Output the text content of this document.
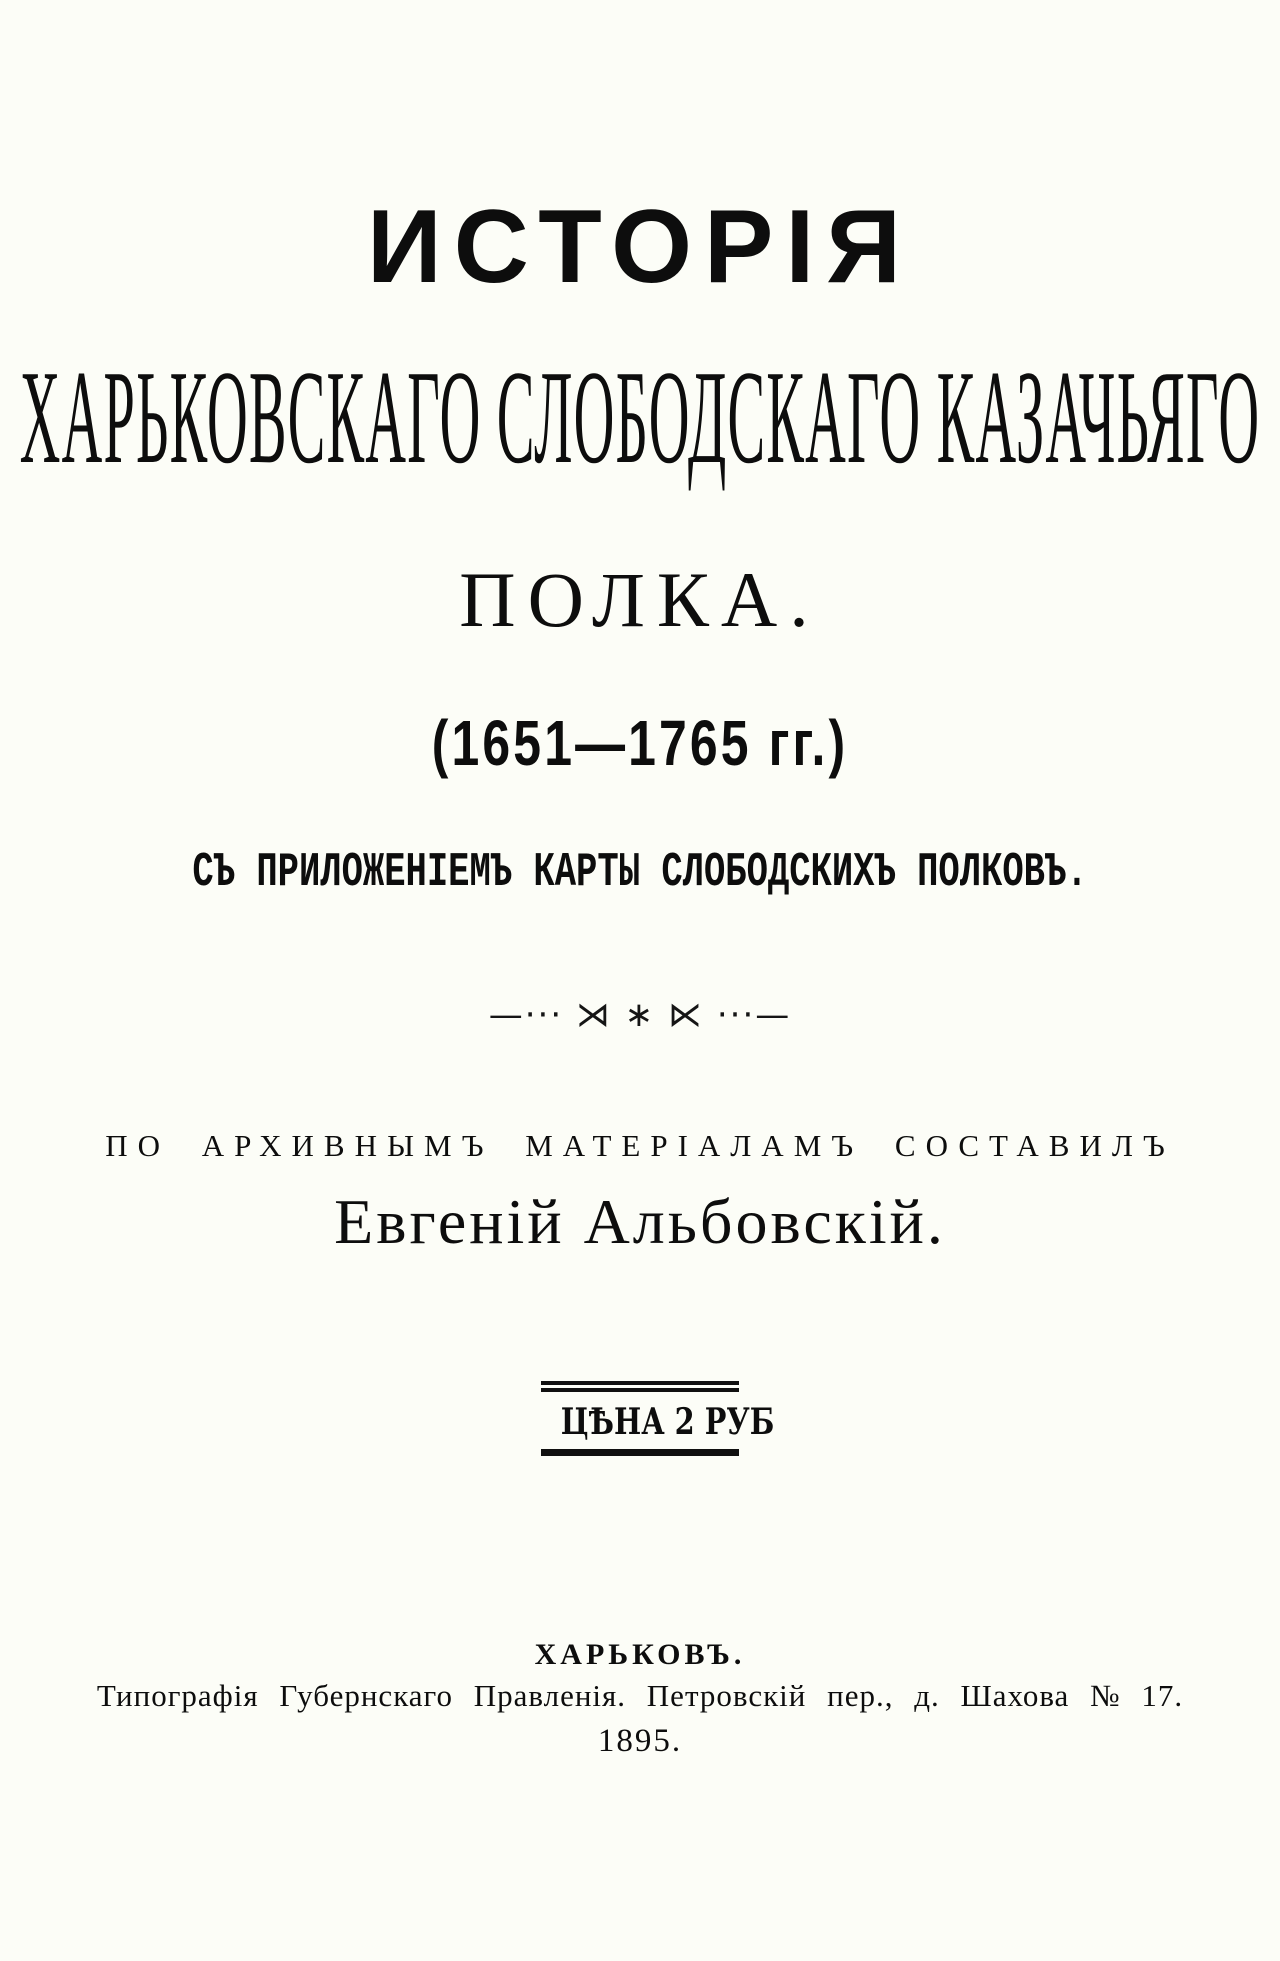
ИСТОРІЯ
ХАРЬКОВСКАГО СЛОБОДСКАГО КАЗАЧЬЯГО
ПОЛКА.
(1651—1765 гг.)
СЪ ПРИЛОЖЕНІЕМЪ КАРТЫ СЛОБОДСКИХЪ ПОЛКОВЪ.
—··· ⋊ ∗ ⋉ ···—
ПО АРХИВНЫМЪ МАТЕРІАЛАМЪ СОСТАВИЛЪ
Евгеній Альбовскій.
ЦѢНА 2 РУБ
ХАРЬКОВЪ.
Типографія Губернскаго Правленія. Петровскій пер., д. Шахова № 17.
1895.
